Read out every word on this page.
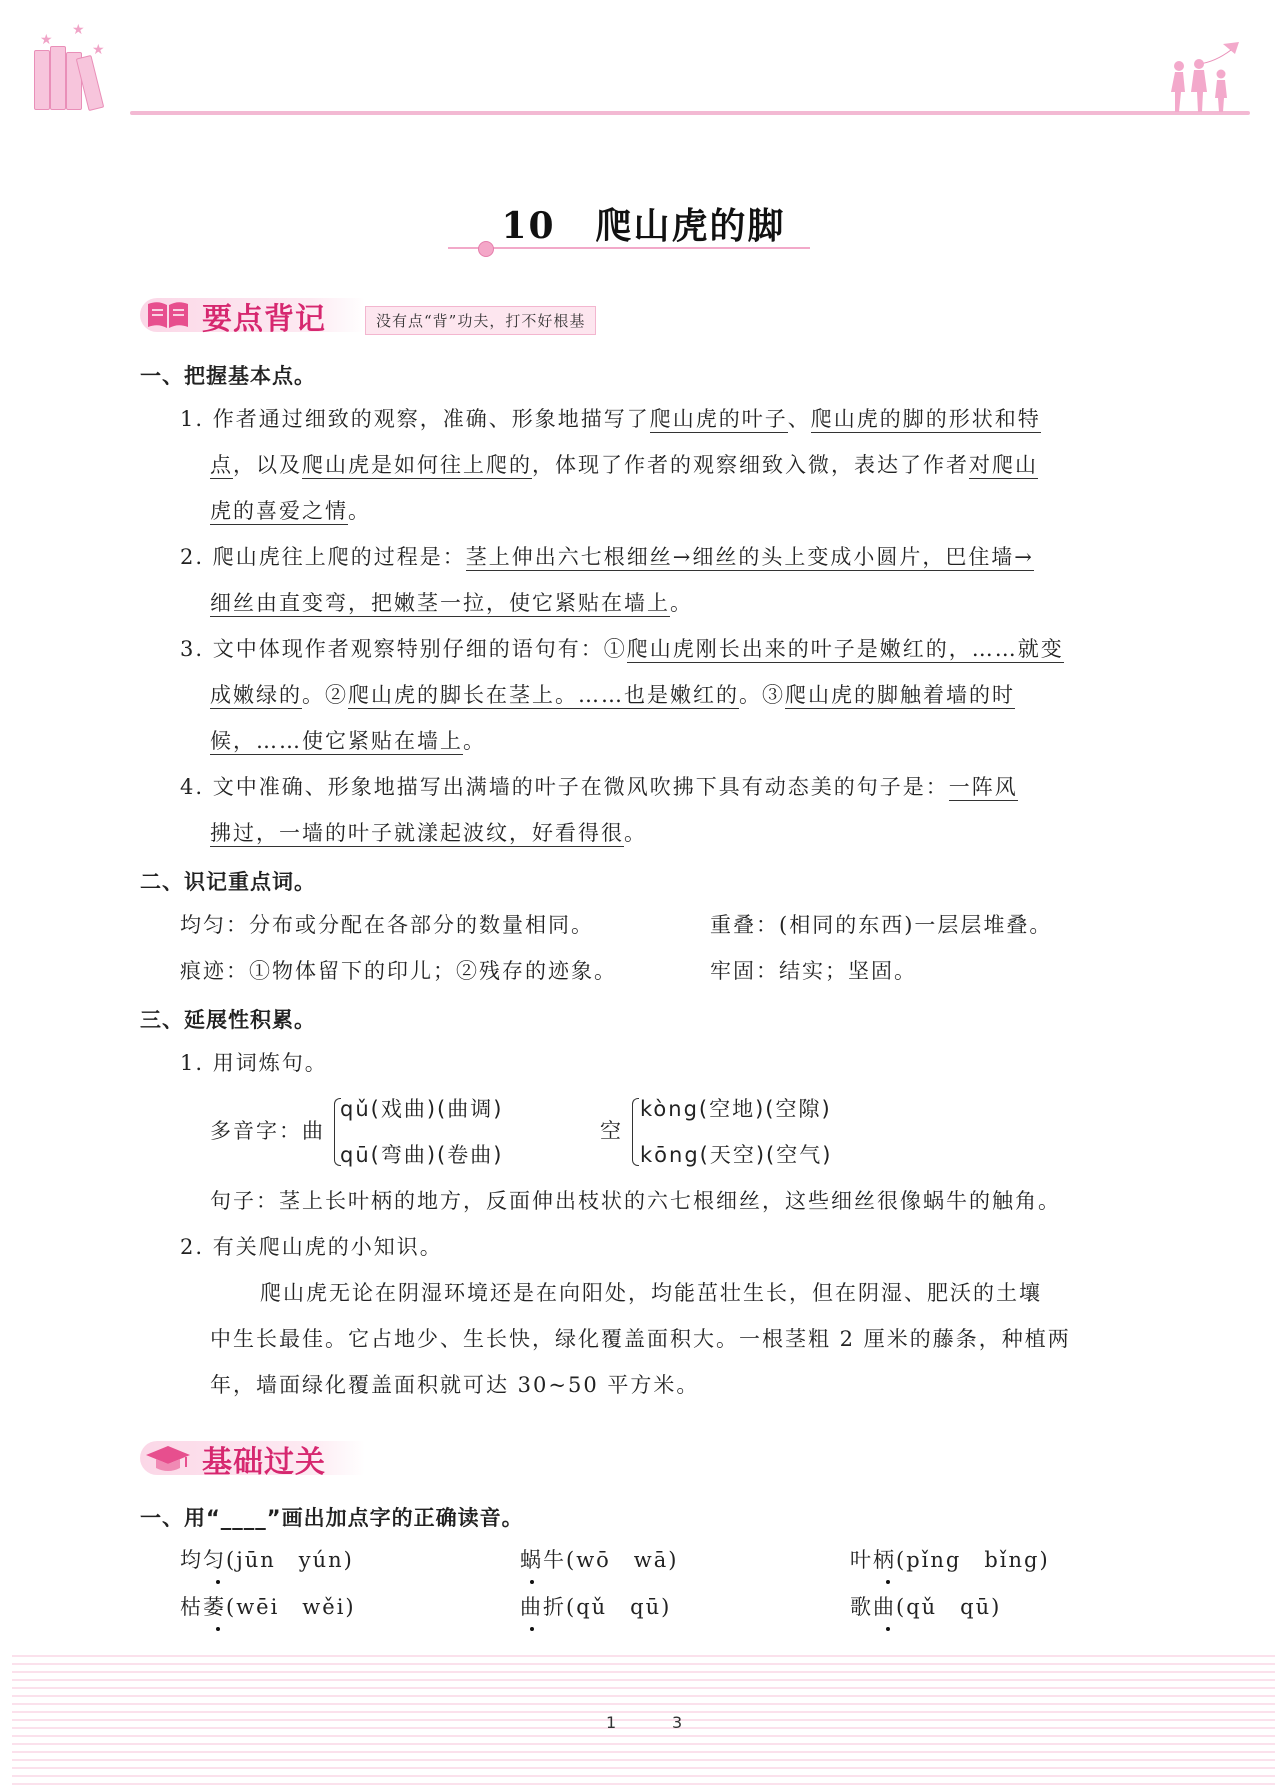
★
★
★
10 爬山虎的脚
要点背记	没有点“背”功夫，打不好根基
一、把握基本点。
1. 作者通过细致的观察，准确、形象地描写了爬山虎的叶子、爬山虎的脚的形状和特
点，以及爬山虎是如何往上爬的，体现了作者的观察细致入微，表达了作者对爬山
虎的喜爱之情。
2. 爬山虎往上爬的过程是：茎上伸出六七根细丝→细丝的头上变成小圆片，巴住墙→
细丝由直变弯，把嫩茎一拉，使它紧贴在墙上。
3. 文中体现作者观察特别仔细的语句有：①爬山虎刚长出来的叶子是嫩红的，……就变
成嫩绿的。②爬山虎的脚长在茎上。……也是嫩红的。③爬山虎的脚触着墙的时
候，……使它紧贴在墙上。
4. 文中准确、形象地描写出满墙的叶子在微风吹拂下具有动态美的句子是：一阵风
拂过，一墙的叶子就漾起波纹，好看得很。
二、识记重点词。
均匀：分布或分配在各部分的数量相同。	重叠：(相同的东西)一层层堆叠。
痕迹：①物体留下的印儿；②残存的迹象。	牢固：结实；坚固。
三、延展性积累。
1. 用词炼句。
多音字：曲
qǔ(戏曲)(曲调)
qū(弯曲)(卷曲)
空
kòng(空地)(空隙)
kōng(天空)(空气)
句子：茎上长叶柄的地方，反面伸出枝状的六七根细丝，这些细丝很像蜗牛的触角。
2. 有关爬山虎的小知识。
爬山虎无论在阴湿环境还是在向阳处，均能茁壮生长，但在阴湿、肥沃的土壤
中生长最佳。它占地少、生长快，绿化覆盖面积大。一根茎粗 2 厘米的藤条，种植两
年，墙面绿化覆盖面积就可达 30~50 平方米。
基础过关
一、用“____”画出加点字的正确读音。
均匀(jūn　yún)	蜗牛(wō　wā)	叶柄(pǐng　bǐng)
枯萎(wēi　wěi)	曲折(qǔ　qū)	歌曲(qǔ　qū)
1	3
